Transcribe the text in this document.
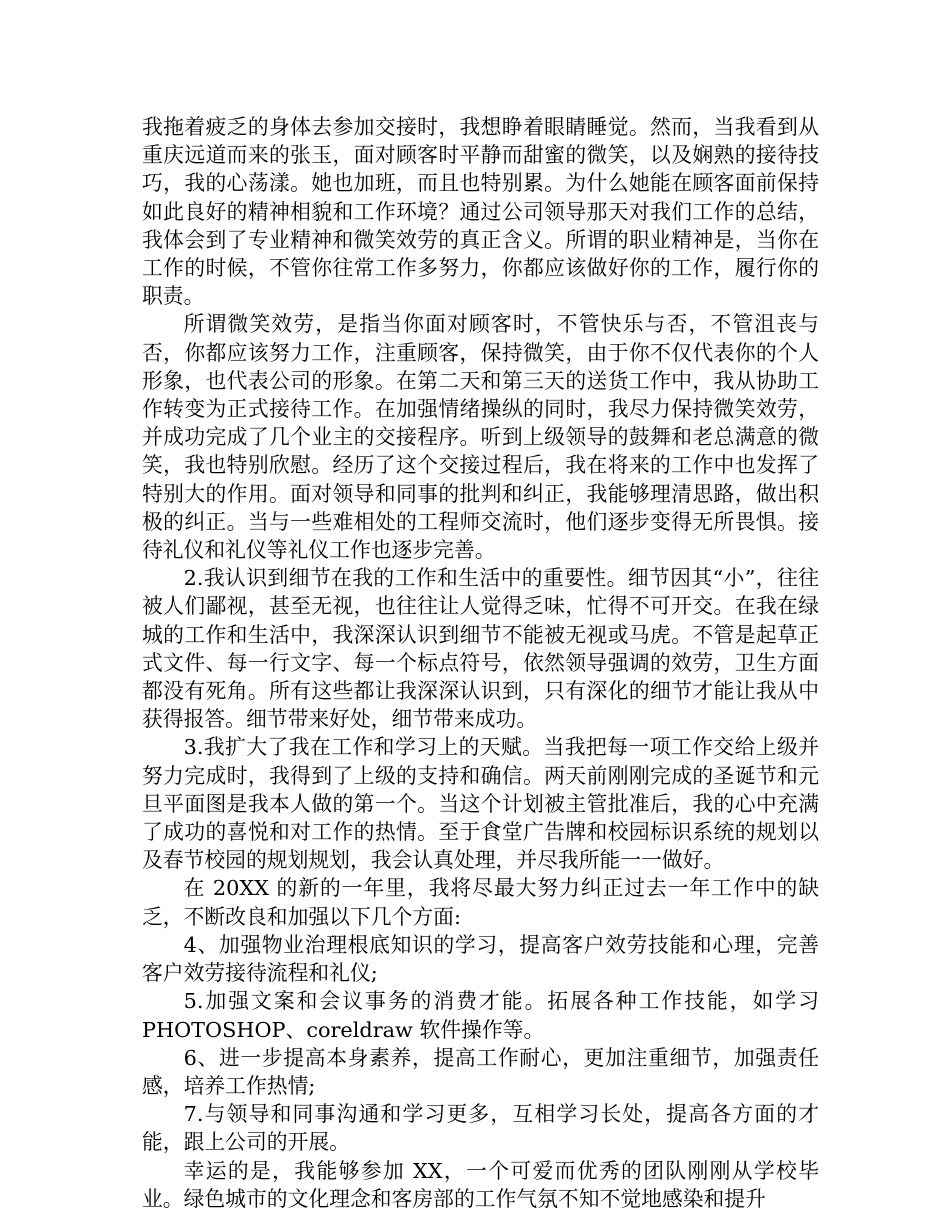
我拖着疲乏的身体去参加交接时，我想睁着眼睛睡觉。然而，当我看到从重庆远道而来的张玉，面对顾客时平静而甜蜜的微笑，以及娴熟的接待技巧，我的心荡漾。她也加班，而且也特别累。为什么她能在顾客面前保持如此良好的精神相貌和工作环境？通过公司领导那天对我们工作的总结，我体会到了专业精神和微笑效劳的真正含义。所谓的职业精神是，当你在工作的时候，不管你往常工作多努力，你都应该做好你的工作，履行你的职责。

所谓微笑效劳，是指当你面对顾客时，不管快乐与否，不管沮丧与否，你都应该努力工作，注重顾客，保持微笑，由于你不仅代表你的个人形象，也代表公司的形象。在第二天和第三天的送货工作中，我从协助工作转变为正式接待工作。在加强情绪操纵的同时，我尽力保持微笑效劳，并成功完成了几个业主的交接程序。听到上级领导的鼓舞和老总满意的微笑，我也特别欣慰。经历了这个交接过程后，我在将来的工作中也发挥了特别大的作用。面对领导和同事的批判和纠正，我能够理清思路，做出积极的纠正。当与一些难相处的工程师交流时，他们逐步变得无所畏惧。接待礼仪和礼仪等礼仪工作也逐步完善。

2.我认识到细节在我的工作和生活中的重要性。细节因其“小”，往往被人们鄙视，甚至无视，也往往让人觉得乏味，忙得不可开交。在我在绿城的工作和生活中，我深深认识到细节不能被无视或马虎。不管是起草正式文件、每一行文字、每一个标点符号，依然领导强调的效劳，卫生方面都没有死角。所有这些都让我深深认识到，只有深化的细节才能让我从中获得报答。细节带来好处，细节带来成功。

3.我扩大了我在工作和学习上的天赋。当我把每一项工作交给上级并努力完成时，我得到了上级的支持和确信。两天前刚刚完成的圣诞节和元旦平面图是我本人做的第一个。当这个计划被主管批准后，我的心中充满了成功的喜悦和对工作的热情。至于食堂广告牌和校园标识系统的规划以及春节校园的规划规划，我会认真处理，并尽我所能一一做好。

在 20XX 的新的一年里，我将尽最大努力纠正过去一年工作中的缺乏，不断改良和加强以下几个方面:

4、加强物业治理根底知识的学习，提高客户效劳技能和心理，完善客户效劳接待流程和礼仪;

5.加强文案和会议事务的消费才能。拓展各种工作技能，如学习 PHOTOSHOP、coreldraw 软件操作等。

6、进一步提高本身素养，提高工作耐心，更加注重细节，加强责任感，培养工作热情;

7.与领导和同事沟通和学习更多，互相学习长处，提高各方面的才能，跟上公司的开展。

幸运的是，我能够参加 XX，一个可爱而优秀的团队刚刚从学校毕业。绿色城市的文化理念和客房部的工作气氛不知不觉地感染和提升
